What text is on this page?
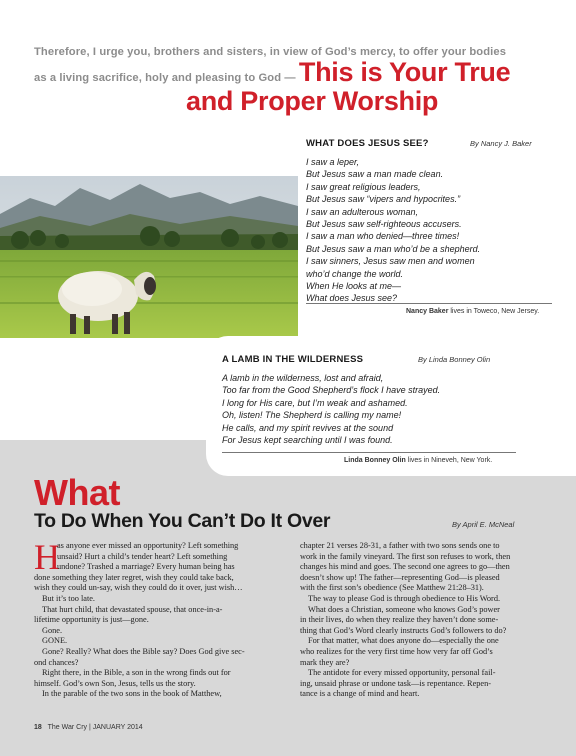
Therefore, I urge you, brothers and sisters, in view of God’s mercy, to offer your bodies
as a living sacrifice, holy and pleasing to God — This is Your True
and Proper Worship
WHAT DOES JESUS SEE?	By Nancy J. Baker
I saw a leper,
But Jesus saw a man made clean.
I saw great religious leaders,
But Jesus saw “vipers and hypocrites.”
I saw an adulterous woman,
But Jesus saw self-righteous accusers.
I saw a man who denied—three times!
But Jesus saw a man who’d be a shepherd.
I saw sinners, Jesus saw men and women
who’d change the world.
When He looks at me—
What does Jesus see?
Nancy Baker lives in Toweco, New Jersey.
A LAMB IN THE WILDERNESS	By Linda Bonney Olin
A lamb in the wilderness, lost and afraid,
Too far from the Good Shepherd’s flock I have strayed.
I long for His care, but I’m weak and ashamed.
Oh, listen! The Shepherd is calling my name!
He calls, and my spirit revives at the sound
For Jesus kept searching until I was found.
Linda Bonney Olin lives in Nineveh, New York.
What
To Do When You Can’t Do It Over	By April E. McNeal
H

as anyone ever missed an opportunity? Left something
unsaid? Hurt a child’s tender heart? Left something
undone? Trashed a marriage? Every human being has
done something they later regret, wish they could take back,
wish they could un-say, wish they could do it over, just wish…

But it’s too late.

That hurt child, that devastated spouse, that once-in-a-
lifetime opportunity is just—gone.

Gone.

GONE.

Gone? Really? What does the Bible say? Does God give sec-
ond chances?

Right there, in the Bible, a son in the wrong finds out for
himself. God’s own Son, Jesus, tells us the story.

In the parable of the two sons in the book of Matthew,

chapter 21 verses 28-31, a father with two sons sends one to
work in the family vineyard. The first son refuses to work, then
changes his mind and goes. The second one agrees to go—then
doesn’t show up! The father—representing God—is pleased
with the first son’s obedience (See Matthew 21:28–31).

The way to please God is through obedience to His Word.

What does a Christian, someone who knows God’s power
in their lives, do when they realize they haven’t done some-
thing that God’s Word clearly instructs God’s followers to do?

For that matter, what does anyone do—especially the one
who realizes for the very first time how very far off God’s
mark they are?

The antidote for every missed opportunity, personal fail-
ing, unsaid phrase or undone task—is repentance. Repen-
tance is a change of mind and heart.

18 The War Cry | JANUARY 2014
